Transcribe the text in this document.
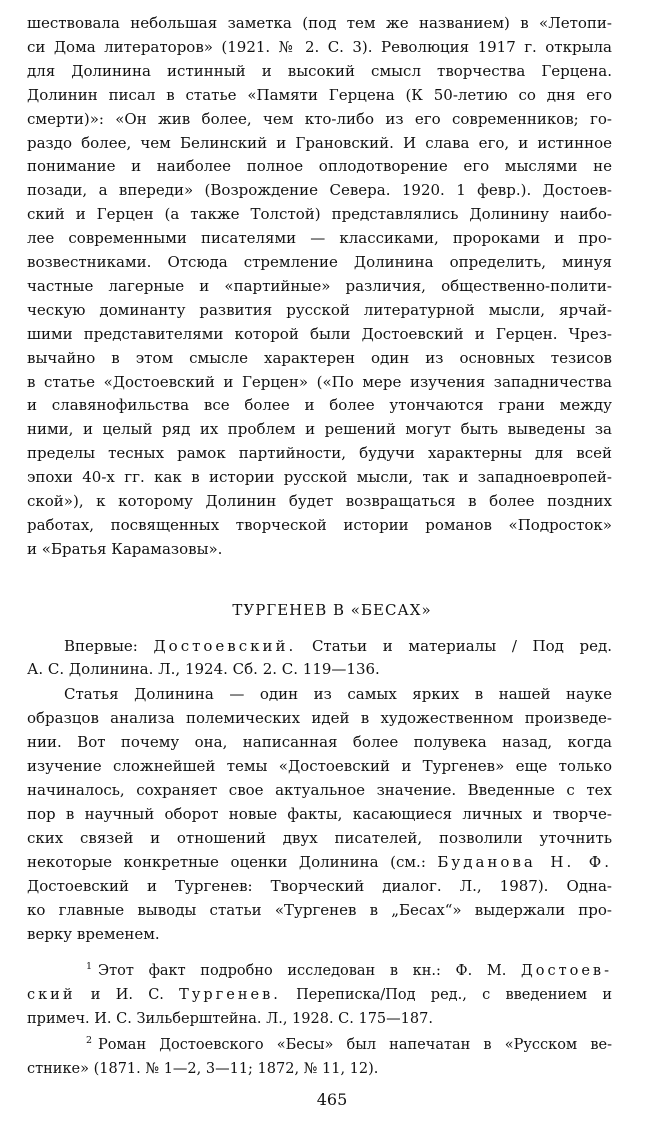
шествовала небольшая заметка (под тем же названием) в «Летопи-
си Дома литераторов» (1921. № 2. С. 3). Революция 1917 г. открыла
для Долинина истинный и высокий смысл творчества Герцена.
Долинин писал в статье «Памяти Герцена (К 50-летию со дня его
смерти)»: «Он жив более, чем кто-либо из его современников; го-
раздо более, чем Белинский и Грановский. И слава его, и истинное
понимание и наиболее полное оплодотворение его мыслями не
позади, а впереди» (Возрождение Севера. 1920. 1 февр.). Достоев-
ский и Герцен (а также Толстой) представлялись Долинину наибо-
лее современными писателями — классиками, пророками и про-
возвестниками. Отсюда стремление Долинина определить, минуя
частные лагерные и «партийные» различия, общественно-полити-
ческую доминанту развития русской литературной мысли, ярчай-
шими представителями которой были Достоевский и Герцен. Чрез-
вычайно в этом смысле характерен один из основных тезисов
в статье «Достоевский и Герцен» («По мере изучения западничества
и славянофильства все более и более утончаются грани между
ними, и целый ряд их проблем и решений могут быть выведены за
пределы тесных рамок партийности, будучи характерны для всей
эпохи 40-х гг. как в истории русской мысли, так и западноевропей-
ской»), к которому Долинин будет возвращаться в более поздних
работах, посвященных творческой истории романов «Подросток»
и «Братья Карамазовы».
ТУРГЕНЕВ В «БЕСАХ»
Впервые: Достоевский. Статьи и материалы / Под ред.
А. С. Долинина. Л., 1924. Сб. 2. С. 119—136.
Статья Долинина — один из самых ярких в нашей науке
образцов анализа полемических идей в художественном произведе-
нии. Вот почему она, написанная более полувека назад, когда
изучение сложнейшей темы «Достоевский и Тургенев» еще только
начиналось, сохраняет свое актуальное значение. Введенные с тех
пор в научный оборот новые факты, касающиеся личных и творче-
ских связей и отношений двух писателей, позволили уточнить
некоторые конкретные оценки Долинина (см.: Буданова Н. Ф.
Достоевский и Тургенев: Творческий диалог. Л., 1987). Одна-
ко главные выводы статьи «Тургенев в „Бесах“» выдержали про-
верку временем.
$^1$ Этот факт подробно исследован в кн.: Ф. М. Достоев-
ский и И. С. Тургенев. Переписка/Под ред., с введением и
примеч. И. С. Зильберштейна. Л., 1928. С. 175—187.
$^2$ Роман Достоевского «Бесы» был напечатан в «Русском ве-
стнике» (1871. № 1—2, 3—11; 1872, № 11, 12).
465
